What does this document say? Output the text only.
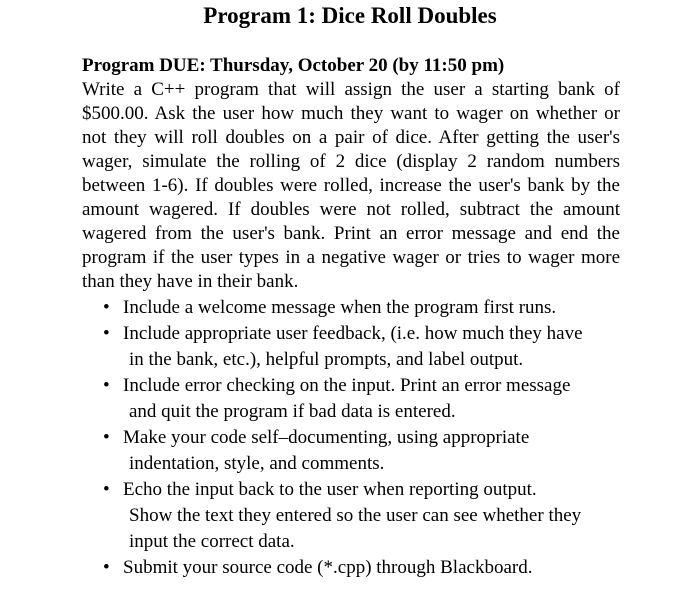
Program 1: Dice Roll Doubles

Program DUE: Thursday, October 20 (by 11:50 pm)

Write a C++ program that will assign the user a starting bank of $500.00. Ask the user how much they want to wager on whether or not they will roll doubles on a pair of dice. After getting the user's wager, simulate the rolling of 2 dice (display 2 random numbers between 1-6). If doubles were rolled, increase the user's bank by the amount wagered. If doubles were not rolled, subtract the amount wagered from the user's bank. Print an error message and end the program if the user types in a negative wager or tries to wager more than they have in their bank.

• Include a welcome message when the program first runs.
• Include appropriate user feedback, (i.e. how much they have
in the bank, etc.), helpful prompts, and label output.
• Include error checking on the input. Print an error message
and quit the program if bad data is entered.
• Make your code self–documenting, using appropriate
indentation, style, and comments.
• Echo the input back to the user when reporting output.
Show the text they entered so the user can see whether they
input the correct data.
• Submit your source code (*.cpp) through Blackboard.
